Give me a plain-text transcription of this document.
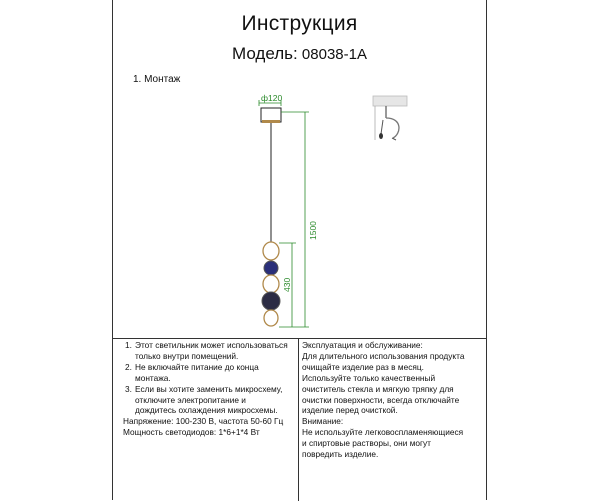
Инструкция
Модель: 08038-1A
1. Монтаж
ф120
1500
430
1. Этот светильник может использоваться
только внутри помещений.
2. Не включайте питание до конца
монтажа.
3. Если вы хотите заменить микросхему,
отключите электропитание и
дождитесь охлаждения микросхемы.
Напряжение: 100-230 В, частота 50-60 Гц
Мощность светодиодов: 1*6+1*4 Вт
Эксплуатация и обслуживание:
Для длительного использования продукта
очищайте изделие раз в месяц.
Используйте только качественный
очиститель стекла и мягкую тряпку для
очистки поверхности, всегда отключайте
изделие перед очисткой.
Внимание:
Не используйте легковоспламеняющиеся
и спиртовые растворы, они могут
повредить изделие.
